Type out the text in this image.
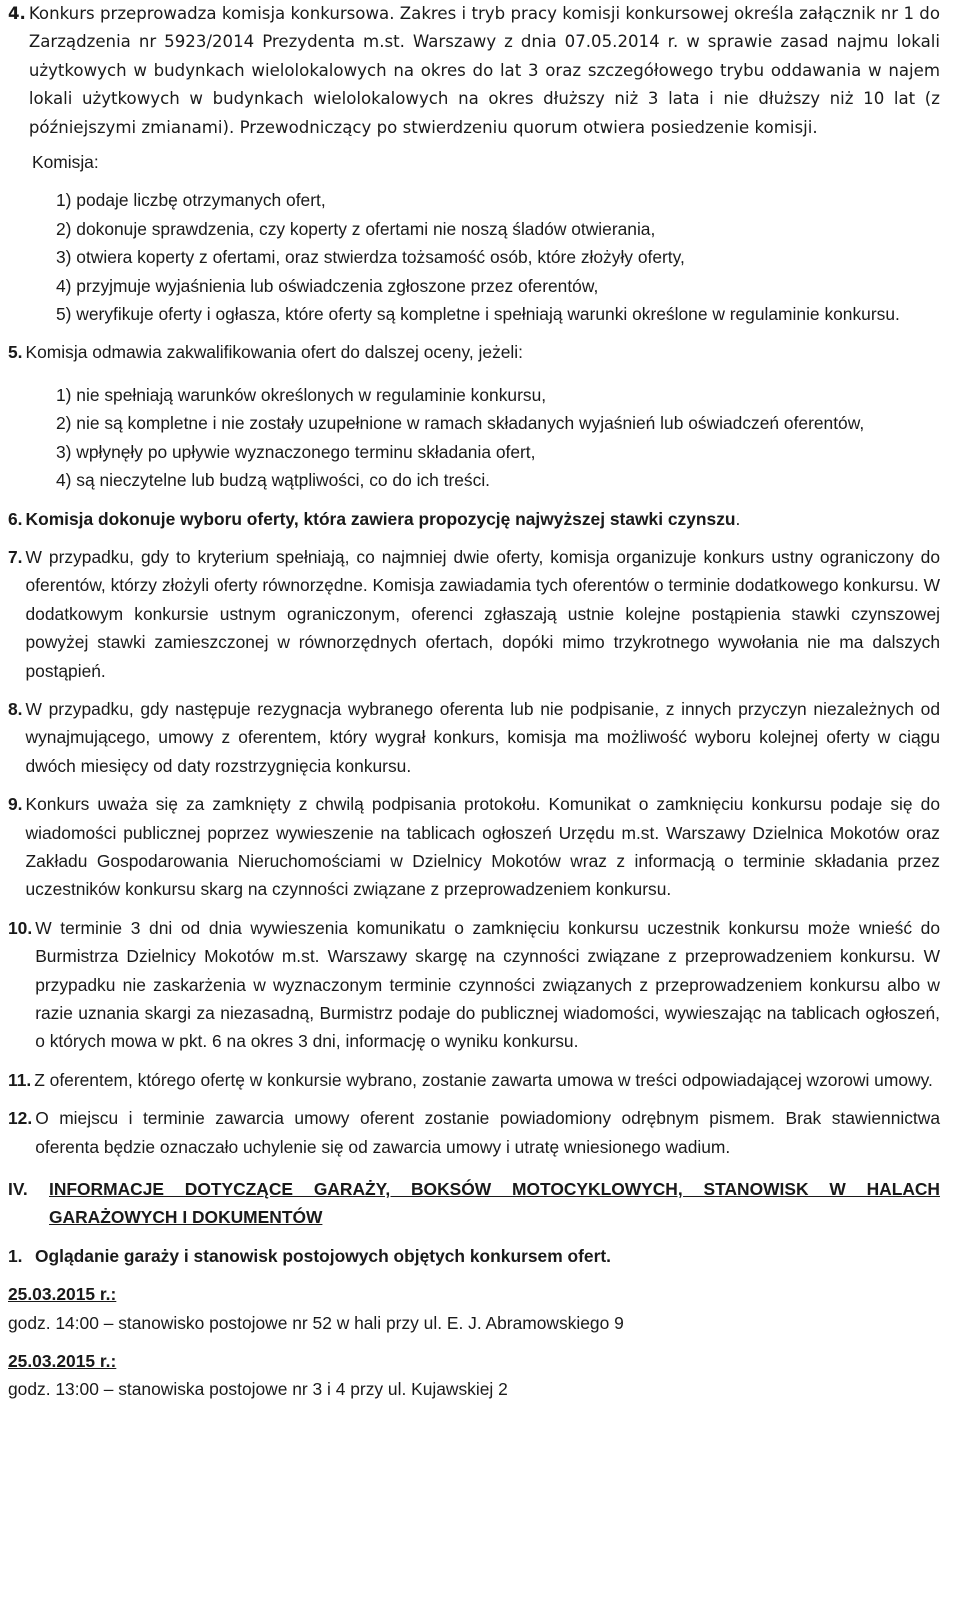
4. Konkurs przeprowadza komisja konkursowa. Zakres i tryb pracy komisji konkursowej określa załącznik nr 1 do Zarządzenia nr 5923/2014 Prezydenta m.st. Warszawy z dnia 07.05.2014 r. w sprawie zasad najmu lokali użytkowych w budynkach wielolokalowych na okres do lat 3 oraz szczegółowego trybu oddawania w najem lokali użytkowych w budynkach wielolokalowych na okres dłuższy niż 3 lata i nie dłuższy niż 10 lat (z późniejszymi zmianami). Przewodniczący po stwierdzeniu quorum otwiera posiedzenie komisji.

Komisja:

1) podaje liczbę otrzymanych ofert,

2) dokonuje sprawdzenia, czy koperty z ofertami nie noszą śladów otwierania,

3) otwiera koperty z ofertami, oraz stwierdza tożsamość osób, które złożyły oferty,

4) przyjmuje wyjaśnienia lub oświadczenia zgłoszone przez oferentów,

5) weryfikuje oferty i ogłasza, które oferty są kompletne i spełniają warunki określone w regulaminie konkursu.

5. Komisja odmawia zakwalifikowania ofert do dalszej oceny, jeżeli:

1) nie spełniają warunków określonych w regulaminie konkursu,

2) nie są kompletne i nie zostały uzupełnione w ramach składanych wyjaśnień lub oświadczeń oferentów,

3) wpłynęły po upływie wyznaczonego terminu składania ofert,

4) są nieczytelne lub budzą wątpliwości, co do ich treści.

6. Komisja dokonuje wyboru oferty, która zawiera propozycję najwyższej stawki czynszu.
7. W przypadku, gdy to kryterium spełniają, co najmniej dwie oferty, komisja organizuje konkurs ustny ograniczony do oferentów, którzy złożyli oferty równorzędne. Komisja zawiadamia tych oferentów o terminie dodatkowego konkursu. W dodatkowym konkursie ustnym ograniczonym, oferenci zgłaszają ustnie kolejne postąpienia stawki czynszowej powyżej stawki zamieszczonej w równorzędnych ofertach, dopóki mimo trzykrotnego wywołania nie ma dalszych postąpień.
8. W przypadku, gdy następuje rezygnacja wybranego oferenta lub nie podpisanie, z innych przyczyn niezależnych od wynajmującego, umowy z oferentem, który wygrał konkurs, komisja ma możliwość wyboru kolejnej oferty w ciągu dwóch miesięcy od daty rozstrzygnięcia konkursu.
9. Konkurs uważa się za zamknięty z chwilą podpisania protokołu. Komunikat o zamknięciu konkursu podaje się do wiadomości publicznej poprzez wywieszenie na tablicach ogłoszeń Urzędu m.st. Warszawy Dzielnica Mokotów oraz Zakładu Gospodarowania Nieruchomościami w Dzielnicy Mokotów wraz z informacją o terminie składania przez uczestników konkursu skarg na czynności związane z przeprowadzeniem konkursu.
10. W terminie 3 dni od dnia wywieszenia komunikatu o zamknięciu konkursu uczestnik konkursu może wnieść do Burmistrza Dzielnicy Mokotów m.st. Warszawy skargę na czynności związane z przeprowadzeniem konkursu. W przypadku nie zaskarżenia w wyznaczonym terminie czynności związanych z przeprowadzeniem konkursu albo w razie uznania skargi za niezasadną, Burmistrz podaje do publicznej wiadomości, wywieszając na tablicach ogłoszeń, o których mowa w pkt. 6 na okres 3 dni, informację o wyniku konkursu.
11. Z oferentem, którego ofertę w konkursie wybrano, zostanie zawarta umowa w treści odpowiadającej wzorowi umowy.
12. O miejscu i terminie zawarcia umowy oferent zostanie powiadomiony odrębnym pismem. Brak stawiennictwa oferenta będzie oznaczało uchylenie się od zawarcia umowy i utratę wniesionego wadium.
IV.	INFORMACJE DOTYCZĄCE GARAŻY, BOKSÓW MOTOCYKLOWYCH, STANOWISK W HALACH GARAŻOWYCH I DOKUMENTÓW
1. Oglądanie garaży i stanowisk postojowych objętych konkursem ofert.

25.03.2015 r.:

godz. 14:00 – stanowisko postojowe nr 52 w hali przy ul. E. J. Abramowskiego 9

25.03.2015 r.:

godz. 13:00 – stanowiska postojowe nr 3 i 4 przy ul. Kujawskiej 2
